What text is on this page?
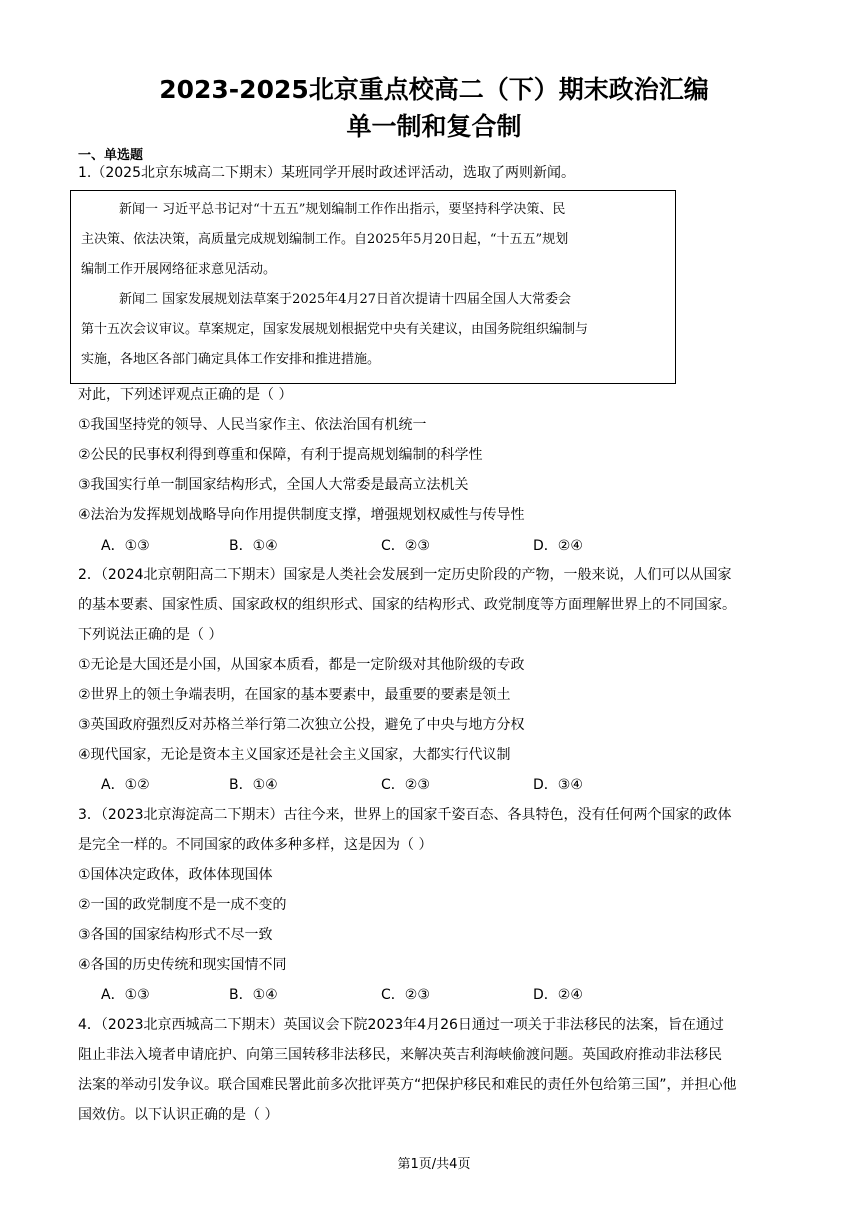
2023-2025北京重点校高二（下）期末政治汇编
单一制和复合制
一、单选题
1.（2025北京东城高二下期末）某班同学开展时政述评活动，选取了两则新闻。
新闻一 习近平总书记对“十五五”规划编制工作作出指示，要坚持科学决策、民
主决策、依法决策，高质量完成规划编制工作。自2025年5月20日起，“十五五”规划
编制工作开展网络征求意见活动。
新闻二 国家发展规划法草案于2025年4月27日首次提请十四届全国人大常委会
第十五次会议审议。草案规定，国家发展规划根据党中央有关建议，由国务院组织编制与
实施，各地区各部门确定具体工作安排和推进措施。
对此，下列述评观点正确的是（ ）
①我国坚持党的领导、人民当家作主、依法治国有机统一
②公民的民事权利得到尊重和保障，有利于提高规划编制的科学性
③我国实行单一制国家结构形式，全国人大常委是最高立法机关
④法治为发挥规划战略导向作用提供制度支撑，增强规划权威性与传导性
A．①③	B．①④	C．②③	D．②④
2．（2024北京朝阳高二下期末）国家是人类社会发展到一定历史阶段的产物，一般来说，人们可以从国家
的基本要素、国家性质、国家政权的组织形式、国家的结构形式、政党制度等方面理解世界上的不同国家。
下列说法正确的是（ ）
①无论是大国还是小国，从国家本质看，都是一定阶级对其他阶级的专政
②世界上的领土争端表明，在国家的基本要素中，最重要的要素是领土
③英国政府强烈反对苏格兰举行第二次独立公投，避免了中央与地方分权
④现代国家，无论是资本主义国家还是社会主义国家，大都实行代议制
A．①②	B．①④	C．②③	D．③④
3．（2023北京海淀高二下期末）古往今来，世界上的国家千姿百态、各具特色，没有任何两个国家的政体
是完全一样的。不同国家的政体多种多样，这是因为（ ）
①国体决定政体，政体体现国体
②一国的政党制度不是一成不变的
③各国的国家结构形式不尽一致
④各国的历史传统和现实国情不同
A．①③	B．①④	C．②③	D．②④
4．（2023北京西城高二下期末）英国议会下院2023年4月26日通过一项关于非法移民的法案，旨在通过
阻止非法入境者申请庇护、向第三国转移非法移民，来解决英吉利海峡偷渡问题。英国政府推动非法移民
法案的举动引发争议。联合国难民署此前多次批评英方“把保护移民和难民的责任外包给第三国”，并担心他
国效仿。以下认识正确的是（ ）
第1页/共4页
